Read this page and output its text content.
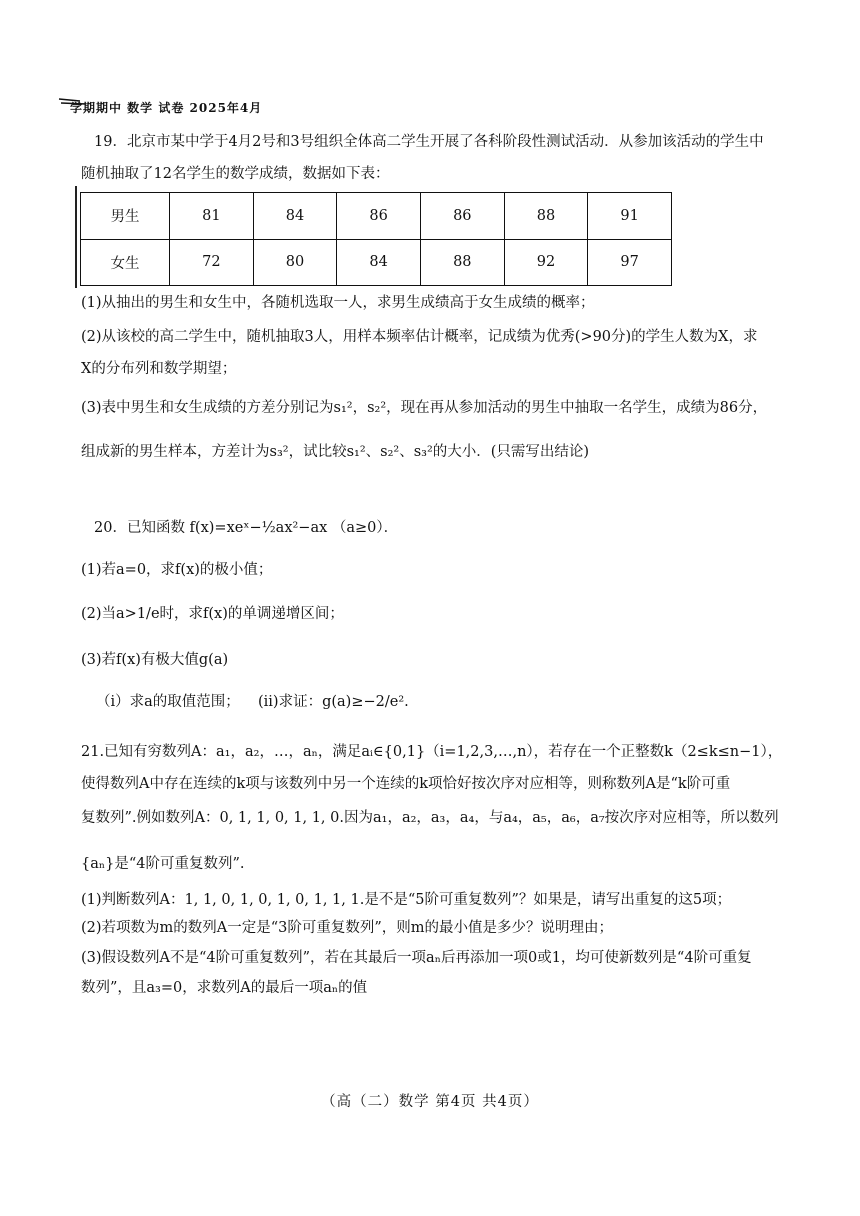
学期期中 数学 试卷 2025年4月
19．北京市某中学于4月2号和3号组织全体高二学生开展了各科阶段性测试活动．从参加该活动的学生中
随机抽取了12名学生的数学成绩，数据如下表：
男生	81	84	86	86	88	91
女生	72	80	84	88	92	97
(1)从抽出的男生和女生中，各随机选取一人，求男生成绩高于女生成绩的概率；
(2)从该校的高二学生中，随机抽取3人，用样本频率估计概率，记成绩为优秀(>90分)的学生人数为X，求
X的分布列和数学期望；
(3)表中男生和女生成绩的方差分别记为s₁²，s₂²，现在再从参加活动的男生中抽取一名学生，成绩为86分，
组成新的男生样本，方差计为s₃²，试比较s₁²、s₂²、s₃²的大小．(只需写出结论)
20．已知函数 f(x)=xeˣ−½ax²−ax （a≥0）．
(1)若a=0，求f(x)的极小值；
(2)当a>1/e时，求f(x)的单调递增区间；
(3)若f(x)有极大值g(a)
（i）求a的取值范围； (ii)求证：g(a)≥−2/e².
21.已知有穷数列A：a₁，a₂，…，aₙ，满足aᵢ∈{0,1}（i=1,2,3,…,n），若存在一个正整数k（2≤k≤n−1），
使得数列A中存在连续的k项与该数列中另一个连续的k项恰好按次序对应相等，则称数列A是“k阶可重
复数列”.例如数列A：0, 1, 1, 0, 1, 1, 0.因为a₁，a₂，a₃，a₄，与a₄，a₅，a₆，a₇按次序对应相等，所以数列
{aₙ}是“4阶可重复数列”.
(1)判断数列A：1, 1, 0, 1, 0, 1, 0, 1, 1, 1.是不是“5阶可重复数列”？如果是，请写出重复的这5项；
(2)若项数为m的数列A一定是“3阶可重复数列”，则m的最小值是多少？说明理由；
(3)假设数列A不是“4阶可重复数列”，若在其最后一项aₙ后再添加一项0或1，均可使新数列是“4阶可重复
数列”，且a₃=0，求数列A的最后一项aₙ的值
（高（二）数学 第4页 共4页）
